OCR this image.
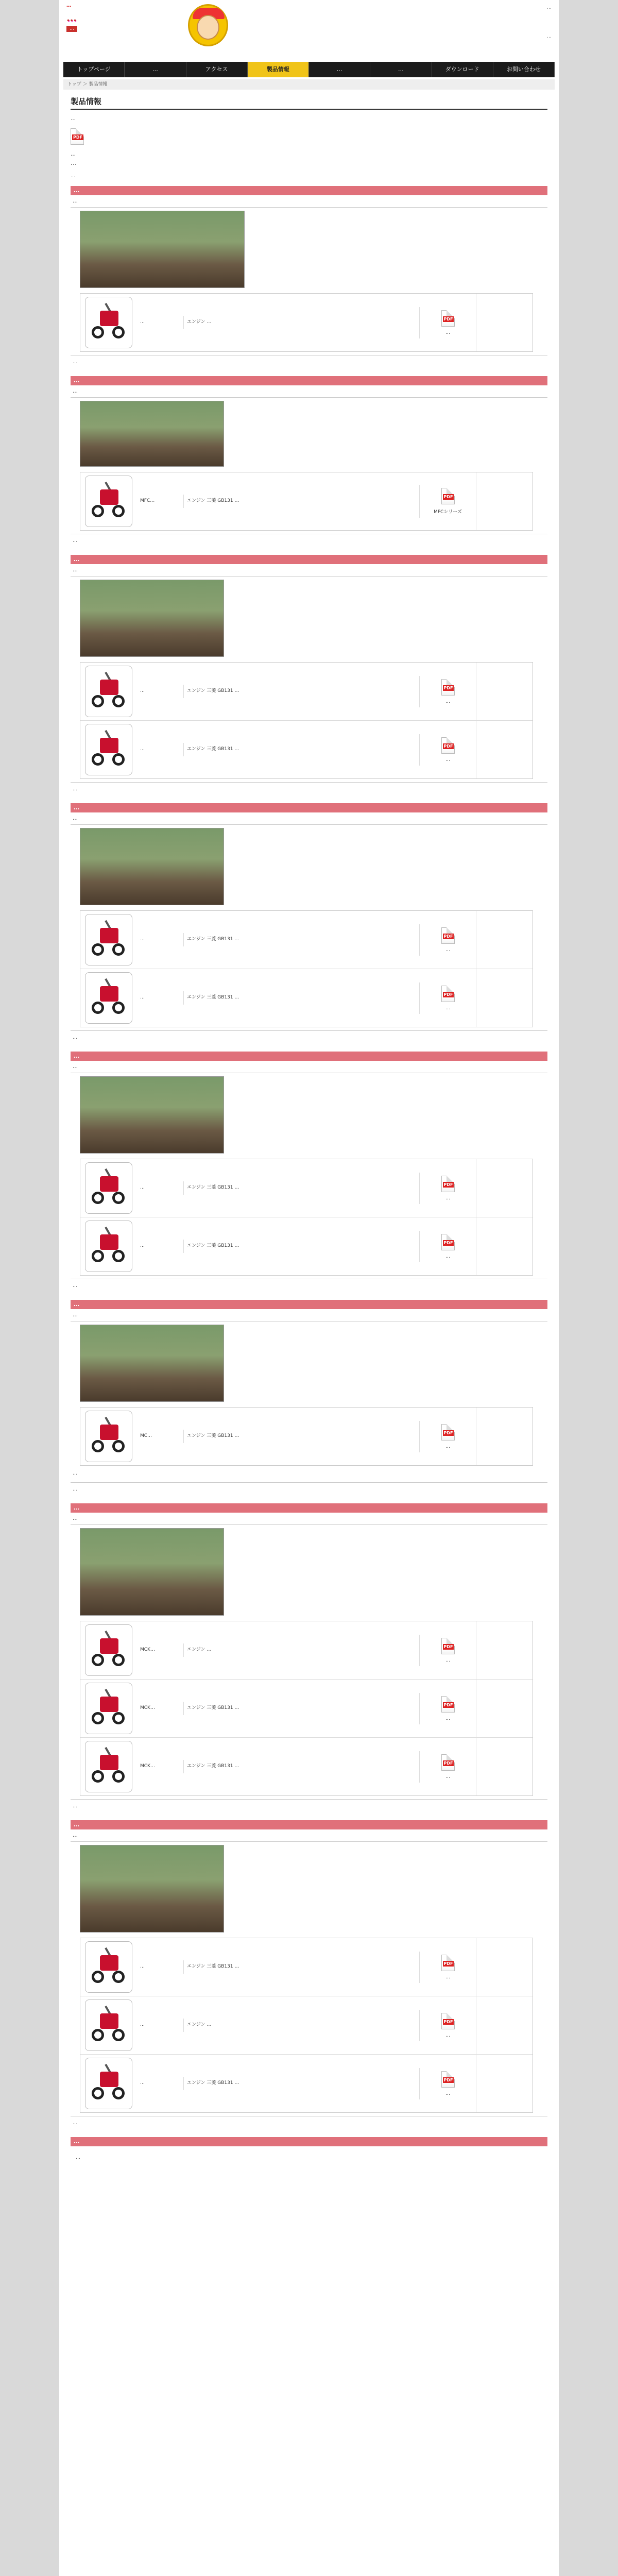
…
…
…
…
…
トップページ	…	アクセス	製品情報	…	…	ダウンロード	お問い合わせ
トップ ＞ 製品情報
製品情報
…
PDF
…
…
…
…
…
…	エンジン …
PDF
…
…
…
…
MFC…	エンジン 三菱 GB131 …
PDF
MFCシリーズ
…
…
…
…	エンジン 三菱 GB131 …
PDF
…
…	エンジン 三菱 GB131 …
PDF
…
…
…
…
…	エンジン 三菱 GB131 …
PDF
…
…	エンジン 三菱 GB131 …
PDF
…
…
…
…
…	エンジン 三菱 GB131 …
PDF
…
…	エンジン 三菱 GB131 …
PDF
…
…
…
…
MC…	エンジン 三菱 GB131 …
PDF
…
…
…
…
…
MCK…	エンジン …
PDF
…
MCK…	エンジン 三菱 GB131 …
PDF
…
MCK…	エンジン 三菱 GB131 …
PDF
…
…
…
…
…	エンジン 三菱 GB131 …
PDF
…
…	エンジン …
PDF
…
…	エンジン 三菱 GB131 …
PDF
…
…
…
…
